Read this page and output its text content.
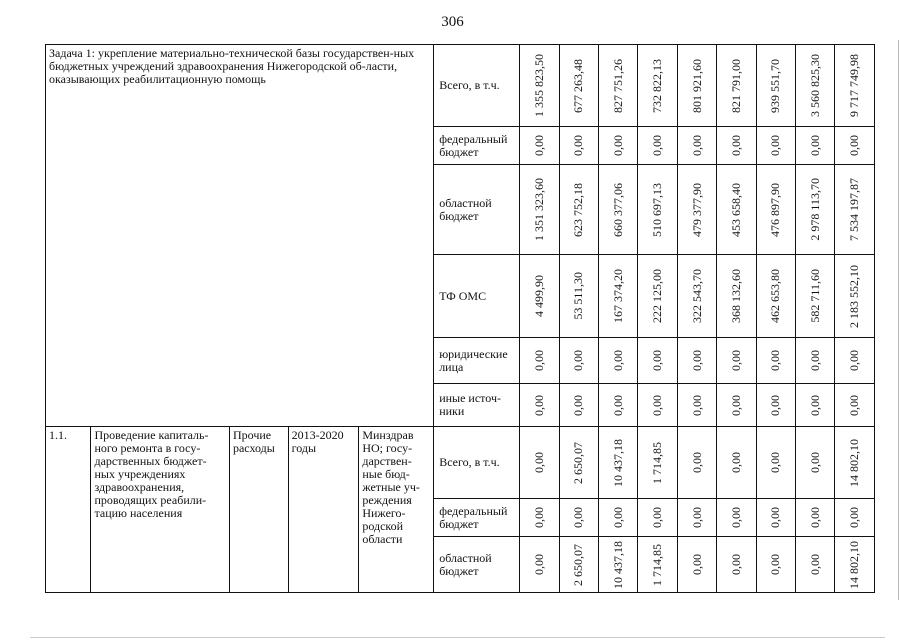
306
Задача 1: укрепление материально-технической базы государствен-ных бюджетных учреждений здравоохранения Нижегородской об-ласти, оказывающих реабилитационную помощь					Всего, в т.ч.	1 355 823,50	677 263,48	827 751,26	732 822,13	801 921,60	821 791,00	939 551,70	3 560 825,30	9 717 749,98

					федеральный бюджет	0,00	0,00	0,00	0,00	0,00	0,00	0,00	0,00	0,00

					областной бюджет	1 351 323,60	623 752,18	660 377,06	510 697,13	479 377,90	453 658,40	476 897,90	2 978 113,70	7 534 197,87

					ТФ ОМС	4 499,90	53 511,30	167 374,20	222 125,00	322 543,70	368 132,60	462 653,80	582 711,60	2 183 552,10

					юридические лица	0,00	0,00	0,00	0,00	0,00	0,00	0,00	0,00	0,00

					иные источ-ники	0,00	0,00	0,00	0,00	0,00	0,00	0,00	0,00	0,00

1.1.	Проведение капиталь-ного ремонта в госу-дарственных бюджет-ных учреждениях здравоохранения, проводящих реабили-тацию населения	Прочие расходы	2013-2020 годы	Минздрав НО; госу-дарствен-ные бюд-жетные уч-реждения Нижего-родской области	Всего, в т.ч.	0,00	2 650,07	10 437,18	1 714,85	0,00	0,00	0,00	0,00	14 802,10

					федеральный бюджет	0,00	0,00	0,00	0,00	0,00	0,00	0,00	0,00	0,00

					областной бюджет	0,00	2 650,07	10 437,18	1 714,85	0,00	0,00	0,00	0,00	14 802,10
